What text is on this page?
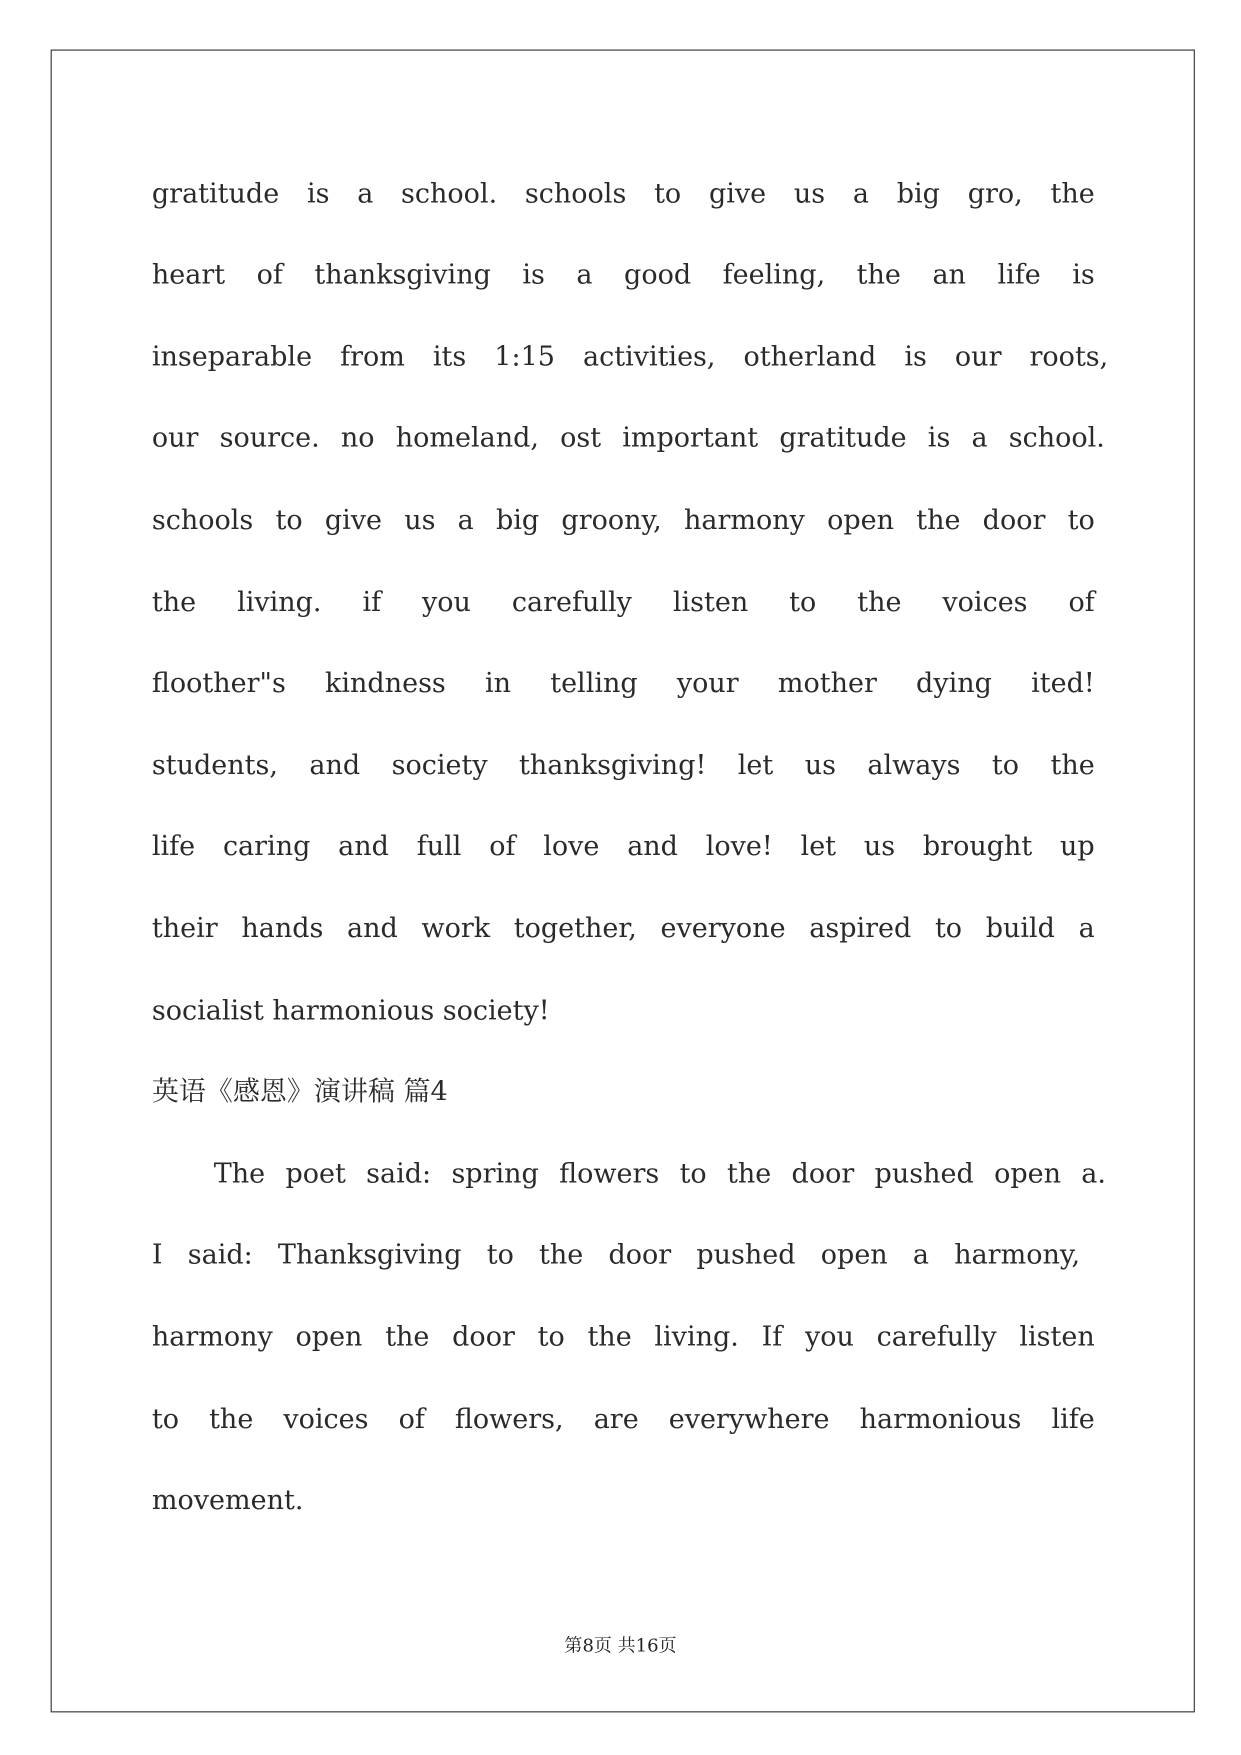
gratitude is a school. schools to give us a big gro, the
heart of thanksgiving is a good feeling, the an life is
inseparable from its 1:15 activities, otherland is our roots,
our source. no homeland, ost important gratitude is a school.
schools to give us a big groony, harmony open the door to
the living. if you carefully listen to the voices of
floother"s kindness in telling your mother dying ited!
students, and society thanksgiving! let us always to the
life caring and full of love and love! let us brought up
their hands and work together, everyone aspired to build a
socialist harmonious society!
英语《感恩》演讲稿 篇4
The poet said: spring flowers to the door pushed open a.
I said: Thanksgiving to the door pushed open a harmony,
harmony open the door to the living. If you carefully listen
to the voices of flowers, are everywhere harmonious life
movement.
第8页 共16页
